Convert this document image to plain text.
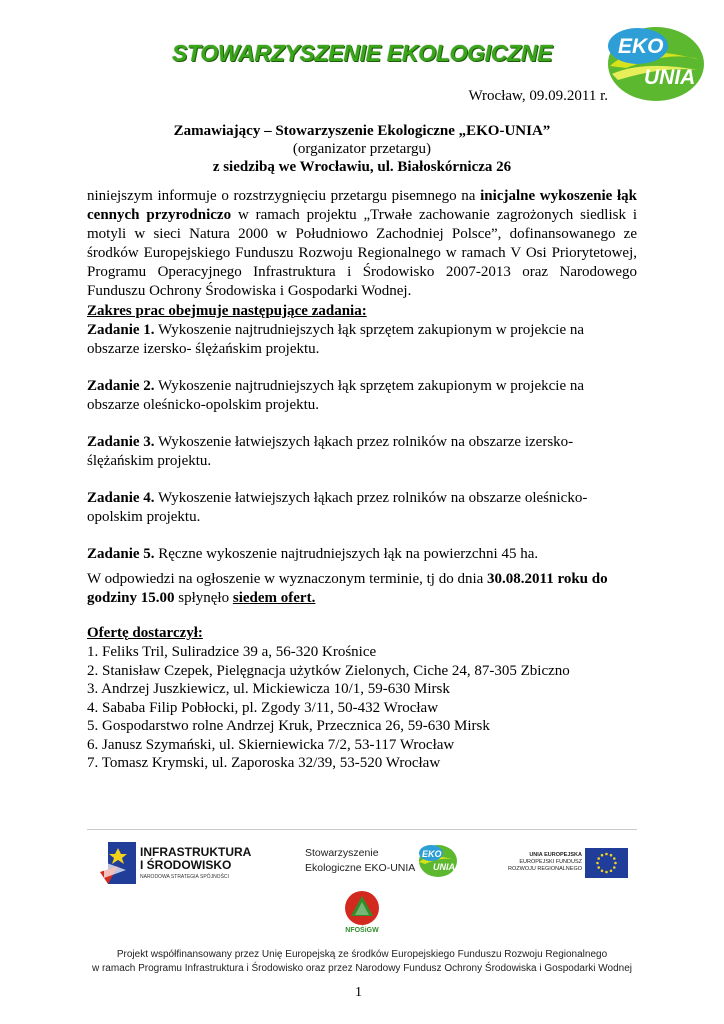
STOWARZYSZENIE EKOLOGICZNE	EKO
UNIA
Wrocław, 09.09.2011 r.
Zamawiający – Stowarzyszenie Ekologiczne „EKO-UNIA”
(organizator przetargu)
z siedzibą we Wrocławiu, ul. Białoskórnicza 26
niniejszym informuje o rozstrzygnięciu przetargu pisemnego na inicjalne wykoszenie łąk cennych przyrodniczo w ramach projektu „Trwałe zachowanie zagrożonych siedlisk i motyli w sieci Natura 2000 w Południowo Zachodniej Polsce”, dofinansowanego ze środków Europejskiego Funduszu Rozwoju Regionalnego w ramach V Osi Priorytetowej, Programu Operacyjnego Infrastruktura i Środowisko 2007-2013 oraz Narodowego Funduszu Ochrony Środowiska i Gospodarki Wodnej.
Zakres prac obejmuje następujące zadania:
Zadanie 1. Wykoszenie najtrudniejszych łąk sprzętem zakupionym w projekcie na obszarze izersko- ślężańskim projektu.
Zadanie 2. Wykoszenie najtrudniejszych łąk sprzętem zakupionym w projekcie na obszarze oleśnicko-opolskim projektu.
Zadanie 3. Wykoszenie łatwiejszych łąkach przez rolników na obszarze izersko- ślężańskim projektu.
Zadanie 4. Wykoszenie łatwiejszych łąkach przez rolników na obszarze oleśnicko-opolskim projektu.
Zadanie 5. Ręczne wykoszenie najtrudniejszych łąk na powierzchni 45 ha.
W odpowiedzi na ogłoszenie w wyznaczonym terminie, tj do dnia 30.08.2011 roku do godziny 15.00 spłynęło siedem ofert.
Ofertę dostarczył:
1. Feliks Tril, Suliradzice 39 a, 56-320 Krośnice
2. Stanisław Czepek, Pielęgnacja użytków Zielonych, Ciche 24, 87-305 Zbiczno
3. Andrzej Juszkiewicz, ul. Mickiewicza 10/1, 59-630 Mirsk
4. Sababa Filip Pobłocki, pl. Zgody 3/11, 50-432 Wrocław
5. Gospodarstwo rolne Andrzej Kruk, Przecznica 26, 59-630 Mirsk
6. Janusz Szymański, ul. Skierniewicka 7/2, 53-117 Wrocław
7. Tomasz Krymski, ul. Zaporoska 32/39, 53-520 Wrocław
INFRASTRUKTURA
I ŚRODOWISKO
NARODOWA STRATEGIA SPÓJNOŚCI
Stowarzyszenie
Ekologiczne EKO-UNIA
EKO
UNIA
UNIA EUROPEJSKA
EUROPEJSKI FUNDUSZ
ROZWOJU REGIONALNEGO
NFOŚiGW
Projekt współfinansowany przez Unię Europejską ze środków Europejskiego Funduszu Rozwoju Regionalnego
w ramach Programu Infrastruktura i Środowisko oraz przez Narodowy Fundusz Ochrony Środowiska i Gospodarki Wodnej
1
